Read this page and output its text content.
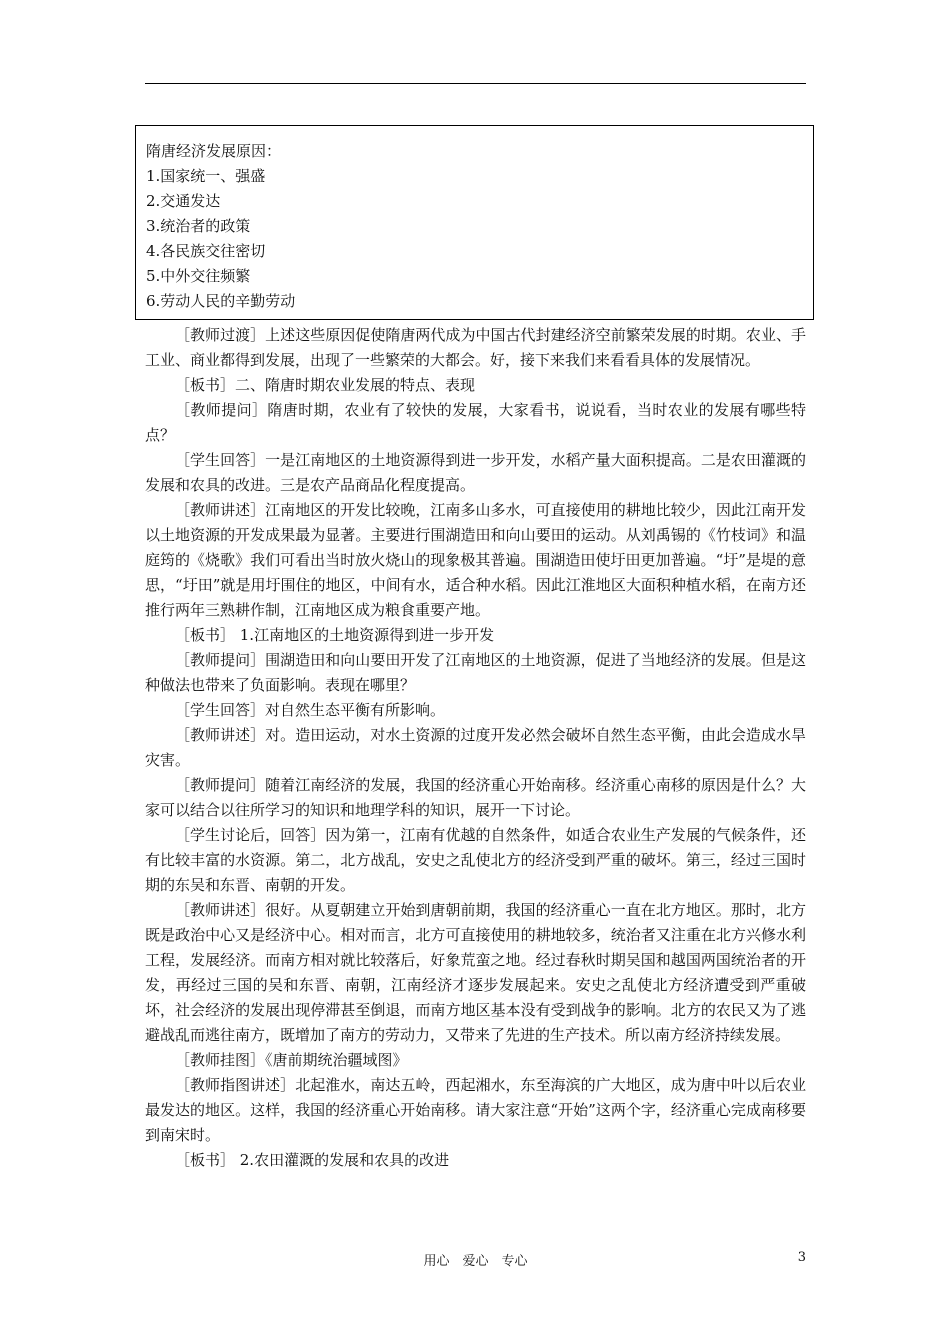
隋唐经济发展原因：
1.国家统一、强盛
2.交通发达
3.统治者的政策
4.各民族交往密切
5.中外交往频繁
6.劳动人民的辛勤劳动

［教师过渡］上述这些原因促使隋唐两代成为中国古代封建经济空前繁荣发展的时期。农业、手工业、商业都得到发展，出现了一些繁荣的大都会。好，接下来我们来看看具体的发展情况。

［板书］二、隋唐时期农业发展的特点、表现

［教师提问］隋唐时期，农业有了较快的发展，大家看书，说说看，当时农业的发展有哪些特点？

［学生回答］一是江南地区的土地资源得到进一步开发，水稻产量大面积提高。二是农田灌溉的发展和农具的改进。三是农产品商品化程度提高。

［教师讲述］江南地区的开发比较晚，江南多山多水，可直接使用的耕地比较少，因此江南开发以土地资源的开发成果最为显著。主要进行围湖造田和向山要田的运动。从刘禹锡的《竹枝词》和温庭筠的《烧歌》我们可看出当时放火烧山的现象极其普遍。围湖造田使圩田更加普遍。“圩”是堤的意思，“圩田”就是用圩围住的地区，中间有水，适合种水稻。因此江淮地区大面积种植水稻，在南方还推行两年三熟耕作制，江南地区成为粮食重要产地。

［板书］ 1.江南地区的土地资源得到进一步开发

［教师提问］围湖造田和向山要田开发了江南地区的土地资源，促进了当地经济的发展。但是这种做法也带来了负面影响。表现在哪里？

［学生回答］对自然生态平衡有所影响。

［教师讲述］对。造田运动，对水土资源的过度开发必然会破坏自然生态平衡，由此会造成水旱灾害。

［教师提问］随着江南经济的发展，我国的经济重心开始南移。经济重心南移的原因是什么？大家可以结合以往所学习的知识和地理学科的知识，展开一下讨论。

［学生讨论后，回答］因为第一，江南有优越的自然条件，如适合农业生产发展的气候条件，还有比较丰富的水资源。第二，北方战乱，安史之乱使北方的经济受到严重的破坏。第三，经过三国时期的东吴和东晋、南朝的开发。

［教师讲述］很好。从夏朝建立开始到唐朝前期，我国的经济重心一直在北方地区。那时，北方既是政治中心又是经济中心。相对而言，北方可直接使用的耕地较多，统治者又注重在北方兴修水利工程，发展经济。而南方相对就比较落后，好象荒蛮之地。经过春秋时期吴国和越国两国统治者的开发，再经过三国的吴和东晋、南朝，江南经济才逐步发展起来。安史之乱使北方经济遭受到严重破坏，社会经济的发展出现停滞甚至倒退，而南方地区基本没有受到战争的影响。北方的农民又为了逃避战乱而逃往南方，既增加了南方的劳动力，又带来了先进的生产技术。所以南方经济持续发展。

［教师挂图］《唐前期统治疆域图》

［教师指图讲述］北起淮水，南达五岭，西起湘水，东至海滨的广大地区，成为唐中叶以后农业最发达的地区。这样，我国的经济重心开始南移。请大家注意“开始”这两个字，经济重心完成南移要到南宋时。

［板书］ 2.农田灌溉的发展和农具的改进

用心　爱心　专心	3
